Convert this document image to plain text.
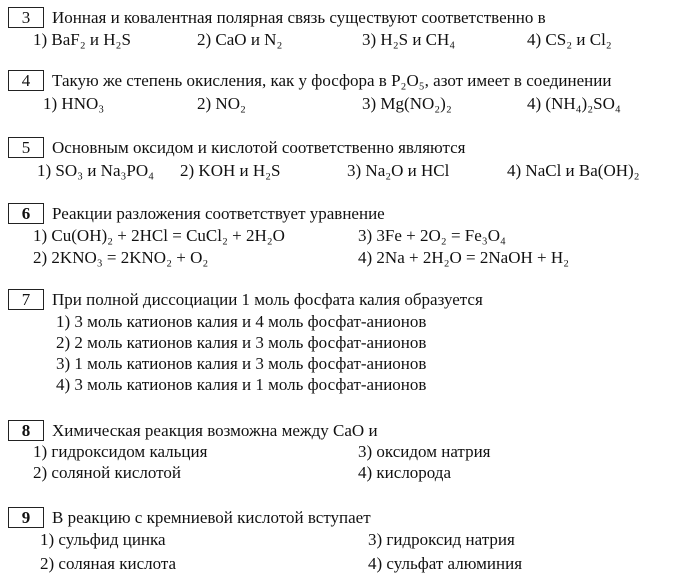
3	Ионная и ковалентная полярная связь существуют соответственно в
1) BaF₂ и H₂S	2) CaO и N₂	3) H₂S и CH₄	4) CS₂ и Cl₂
4	Такую же степень окисления, как у фосфора в P₂O₅, азот имеет в соединении
1) HNO₃	2) NO₂	3) Mg(NO₂)₂	4) (NH₄)₂SO₄
5	Основным оксидом и кислотой соответственно являются
1) SO₃ и Na₃PO₄ 2) KOH и H₂S	3) Na₂O и HCl	4) NaCl и Ba(OH)₂
6	Реакции разложения соответствует уравнение
1) Cu(OH)₂ + 2HCl = CuCl₂ + 2H₂O	3) 3Fe + 2O₂ = Fe₃O₄
2) 2KNO₃ = 2KNO₂ + O₂	4) 2Na + 2H₂O = 2NaOH + H₂
7	При полной диссоциации 1 моль фосфата калия образуется
1) 3 моль катионов калия и 4 моль фосфат-анионов
2) 2 моль катионов калия и 3 моль фосфат-анионов
3) 1 моль катионов калия и 3 моль фосфат-анионов
4) 3 моль катионов калия и 1 моль фосфат-анионов
8	Химическая реакция возможна между CaO и
1) гидроксидом кальция	3) оксидом натрия
2) соляной кислотой	4) кислорода
9	В реакцию с кремниевой кислотой вступает
1) сульфид цинка	3) гидроксид натрия
2) соляная кислота	4) сульфат алюминия
